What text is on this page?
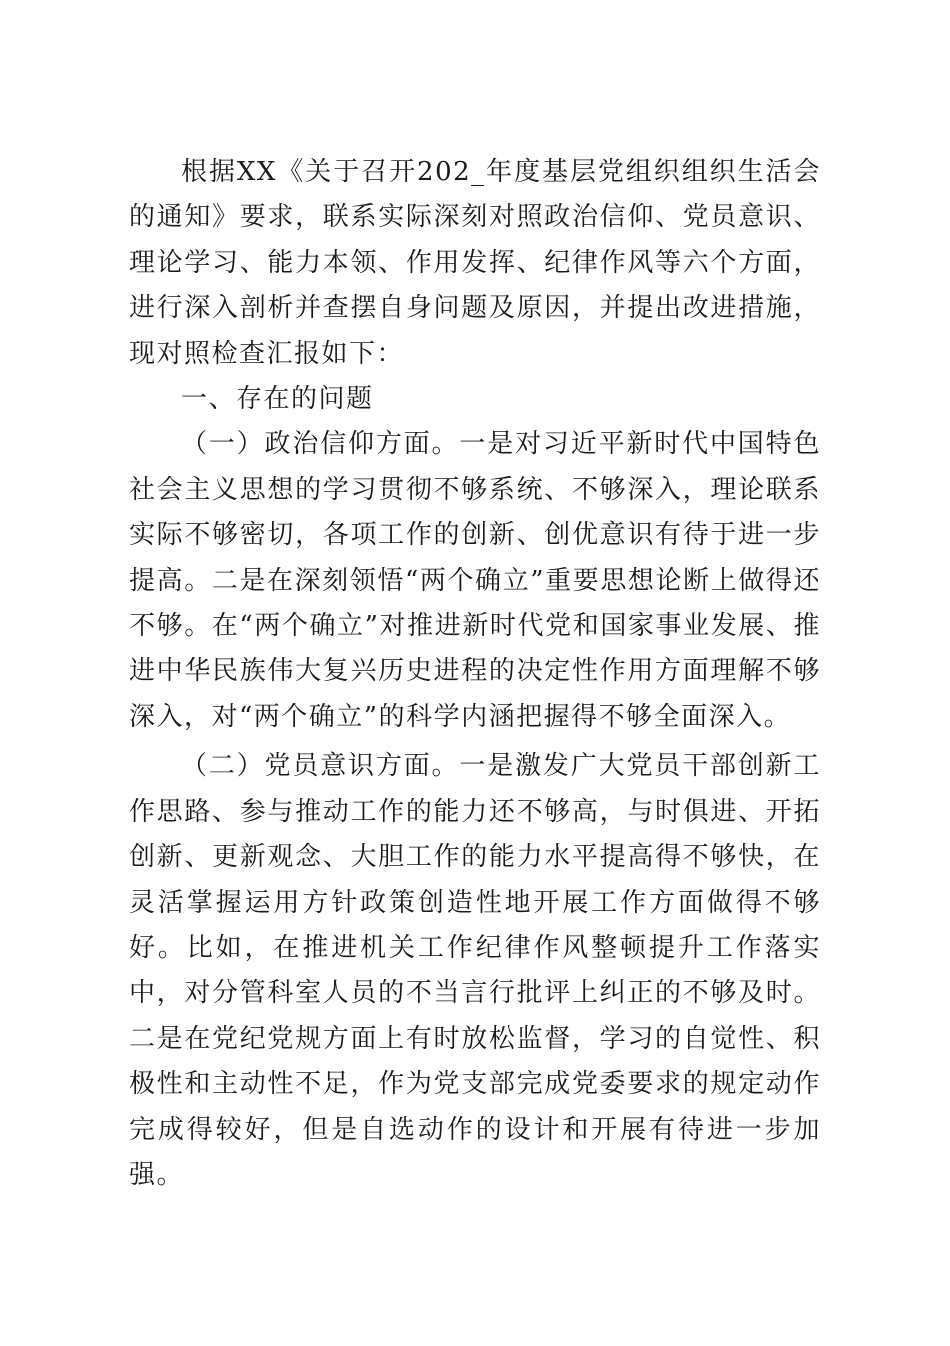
根据XX《关于召开202_年度基层党组织组织生活会的通知》要求，联系实际深刻对照政治信仰、党员意识、理论学习、能力本领、作用发挥、纪律作风等六个方面，进行深入剖析并查摆自身问题及原因，并提出改进措施，现对照检查汇报如下：

一、存在的问题

（一）政治信仰方面。一是对习近平新时代中国特色社会主义思想的学习贯彻不够系统、不够深入，理论联系实际不够密切，各项工作的创新、创优意识有待于进一步提高。二是在深刻领悟“两个确立”重要思想论断上做得还不够。在“两个确立”对推进新时代党和国家事业发展、推进中华民族伟大复兴历史进程的决定性作用方面理解不够深入，对“两个确立”的科学内涵把握得不够全面深入。

（二）党员意识方面。一是激发广大党员干部创新工作思路、参与推动工作的能力还不够高，与时俱进、开拓创新、更新观念、大胆工作的能力水平提高得不够快，在灵活掌握运用方针政策创造性地开展工作方面做得不够好。比如，在推进机关工作纪律作风整顿提升工作落实中，对分管科室人员的不当言行批评上纠正的不够及时。二是在党纪党规方面上有时放松监督，学习的自觉性、积极性和主动性不足，作为党支部完成党委要求的规定动作完成得较好，但是自选动作的设计和开展有待进一步加强。
